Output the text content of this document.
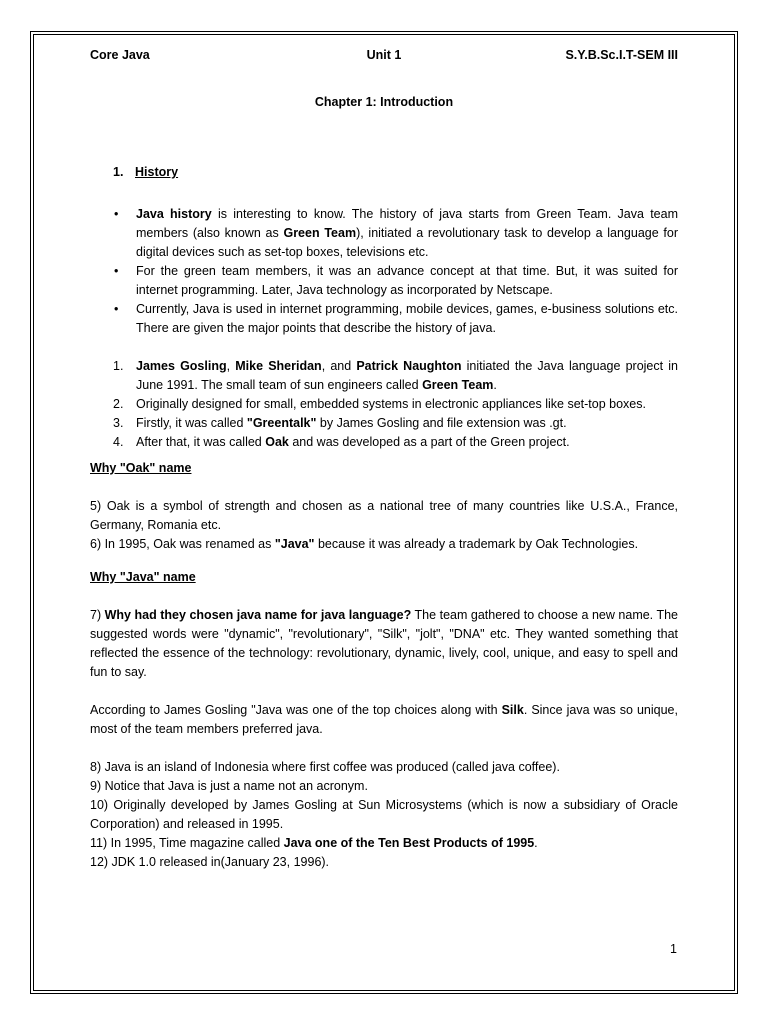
Core Java	Unit 1	S.Y.B.Sc.I.T-SEM III
Chapter 1: Introduction
1. History
• Java history is interesting to know. The history of java starts from Green Team. Java team members (also known as Green Team), initiated a revolutionary task to develop a language for digital devices such as set-top boxes, televisions etc.
• For the green team members, it was an advance concept at that time. But, it was suited for internet programming. Later, Java technology as incorporated by Netscape.
• Currently, Java is used in internet programming, mobile devices, games, e-business solutions etc. There are given the major points that describe the history of java.
1. James Gosling, Mike Sheridan, and Patrick Naughton initiated the Java language project in June 1991. The small team of sun engineers called Green Team.
2. Originally designed for small, embedded systems in electronic appliances like set-top boxes.
3. Firstly, it was called "Greentalk" by James Gosling and file extension was .gt.
4. After that, it was called Oak and was developed as a part of the Green project.
Why "Oak" name
5) Oak is a symbol of strength and chosen as a national tree of many countries like U.S.A., France, Germany, Romania etc.
6) In 1995, Oak was renamed as "Java" because it was already a trademark by Oak Technologies.
Why "Java" name
7) Why had they chosen java name for java language? The team gathered to choose a new name. The suggested words were "dynamic", "revolutionary", "Silk", "jolt", "DNA" etc. They wanted something that reflected the essence of the technology: revolutionary, dynamic, lively, cool, unique, and easy to spell and fun to say.
According to James Gosling "Java was one of the top choices along with Silk. Since java was so unique, most of the team members preferred java.
8) Java is an island of Indonesia where first coffee was produced (called java coffee).
9) Notice that Java is just a name not an acronym.
10) Originally developed by James Gosling at Sun Microsystems (which is now a subsidiary of Oracle Corporation) and released in 1995.
11) In 1995, Time magazine called Java one of the Ten Best Products of 1995.
12) JDK 1.0 released in(January 23, 1996).
1
